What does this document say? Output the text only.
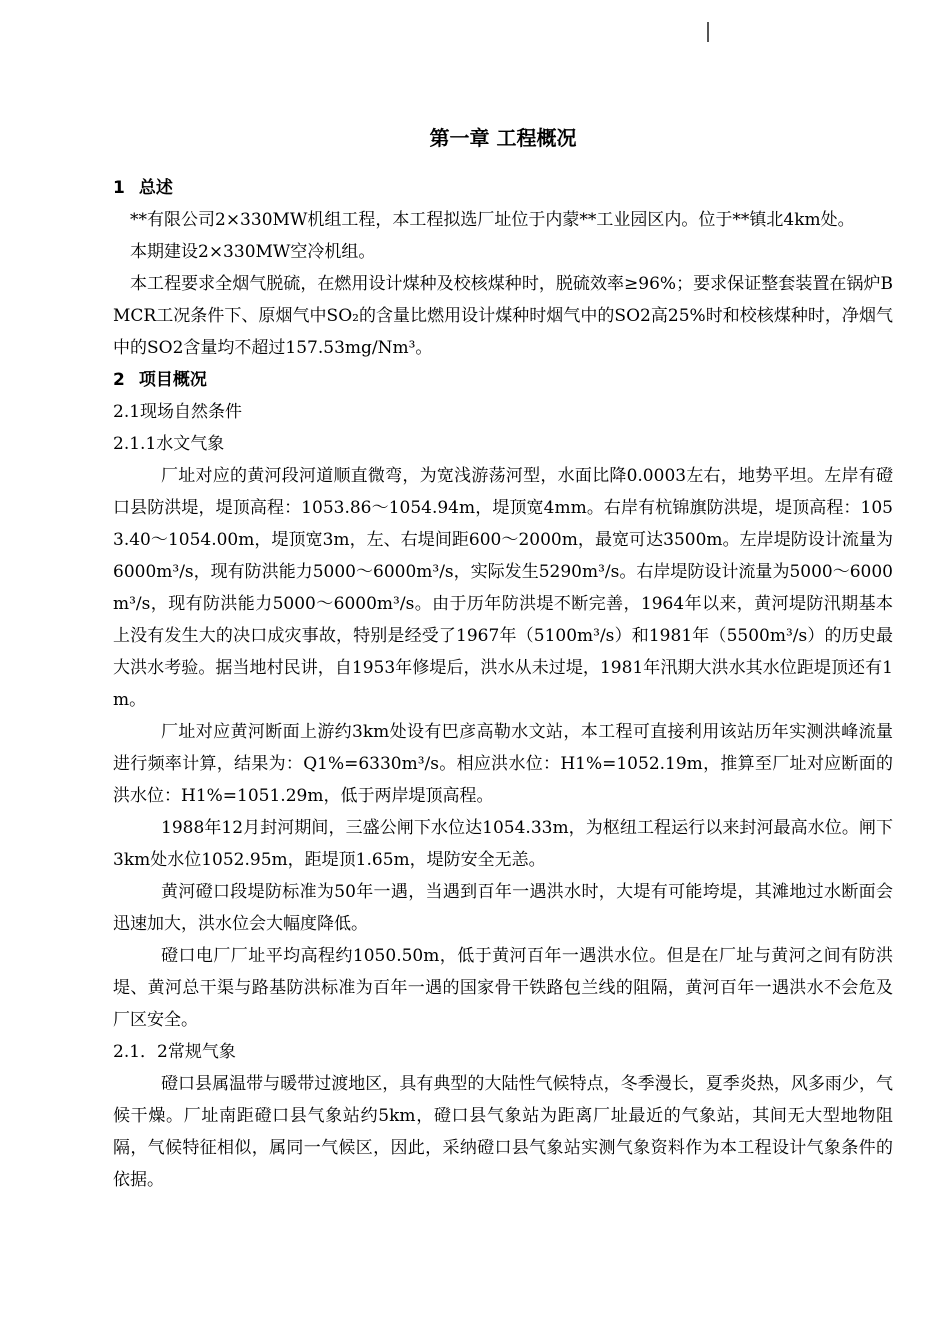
第一章 工程概况
1 总述

**有限公司2×330MW机组工程，本工程拟选厂址位于内蒙**工业园区内。位于**镇北4km处。

本期建设2×330MW空冷机组。

本工程要求全烟气脱硫，在燃用设计煤种及校核煤种时，脱硫效率≥96%；要求保证整套装置在锅炉BMCR工况条件下、原烟气中SO₂的含量比燃用设计煤种时烟气中的SO2高25%时和校核煤种时，净烟气中的SO2含量均不超过157.53mg/Nm³。

2 项目概况

2.1现场自然条件

2.1.1水文气象

厂址对应的黄河段河道顺直微弯，为宽浅游荡河型，水面比降0.0003左右，地势平坦。左岸有磴口县防洪堤，堤顶高程：1053.86～1054.94m，堤顶宽4mm。右岸有杭锦旗防洪堤，堤顶高程：1053.40～1054.00m，堤顶宽3m，左、右堤间距600～2000m，最宽可达3500m。左岸堤防设计流量为6000m³/s，现有防洪能力5000～6000m³/s，实际发生5290m³/s。右岸堤防设计流量为5000～6000m³/s，现有防洪能力5000～6000m³/s。由于历年防洪堤不断完善，1964年以来，黄河堤防汛期基本上没有发生大的决口成灾事故，特别是经受了1967年（5100m³/s）和1981年（5500m³/s）的历史最大洪水考验。据当地村民讲，自1953年修堤后，洪水从未过堤，1981年汛期大洪水其水位距堤顶还有1m。

厂址对应黄河断面上游约3km处设有巴彦高勒水文站，本工程可直接利用该站历年实测洪峰流量进行频率计算，结果为：Q1%=6330m³/s。相应洪水位：H1%=1052.19m，推算至厂址对应断面的洪水位：H1%=1051.29m，低于两岸堤顶高程。

1988年12月封河期间，三盛公闸下水位达1054.33m，为枢纽工程运行以来封河最高水位。闸下3km处水位1052.95m，距堤顶1.65m，堤防安全无恙。

黄河磴口段堤防标准为50年一遇，当遇到百年一遇洪水时，大堤有可能垮堤，其滩地过水断面会迅速加大，洪水位会大幅度降低。

磴口电厂厂址平均高程约1050.50m，低于黄河百年一遇洪水位。但是在厂址与黄河之间有防洪堤、黄河总干渠与路基防洪标准为百年一遇的国家骨干铁路包兰线的阻隔，黄河百年一遇洪水不会危及厂区安全。

2.1．2常规气象

磴口县属温带与暖带过渡地区，具有典型的大陆性气候特点，冬季漫长，夏季炎热，风多雨少，气候干燥。厂址南距磴口县气象站约5km，磴口县气象站为距离厂址最近的气象站，其间无大型地物阻隔，气候特征相似，属同一气候区，因此，采纳磴口县气象站实测气象资料作为本工程设计气象条件的依据。
